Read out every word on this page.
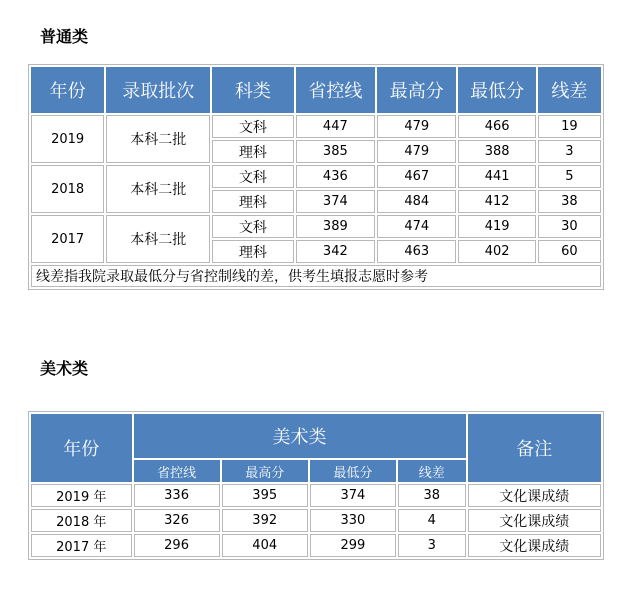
普通类
年份	录取批次	科类	省控线	最高分	最低分	线差
2019	本科二批	文科	447	479	466	19
		理科	385	479	388	3
2018	本科二批	文科	436	467	441	5
		理科	374	484	412	38
2017	本科二批	文科	389	474	419	30
		理科	342	463	402	60
线差指我院录取最低分与省控制线的差，供考生填报志愿时参考						
美术类
年份	美术类				备注
	省控线	最高分	最低分	线差	
2019 年	336	395	374	38	文化课成绩
2018 年	326	392	330	4	文化课成绩
2017 年	296	404	299	3	文化课成绩
